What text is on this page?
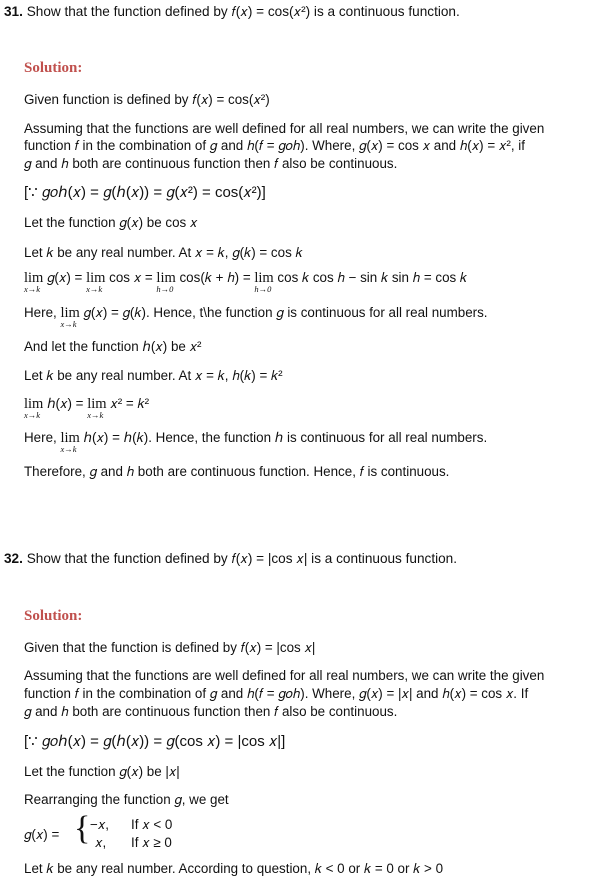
31. Show that the function defined by 𝑓(𝑥) = cos(𝑥²) is a continuous function.
Solution:
Given function is defined by 𝑓(𝑥) = cos(𝑥²)
Assuming that the functions are well defined for all real numbers, we can write the given
function 𝑓 in the combination of 𝑔 and ℎ(𝑓 = 𝑔𝑜ℎ). Where, 𝑔(𝑥) = cos 𝑥 and ℎ(𝑥) = 𝑥², if
𝑔 and ℎ both are continuous function then 𝑓 also be continuous.
[∵ 𝑔𝑜ℎ(𝑥) = 𝑔(ℎ(𝑥)) = 𝑔(𝑥²) = cos(𝑥²)]
Let the function 𝑔(𝑥) be cos 𝑥
Let 𝑘 be any real number. At 𝑥 = 𝑘, 𝑔(𝑘) = cos 𝑘
lim
x→k
𝑔(𝑥) = lim
x→k
cos 𝑥 = lim
h→0
cos(𝑘 + ℎ) = lim
h→0
cos 𝑘 cos ℎ − sin 𝑘 sin ℎ = cos 𝑘
Here, lim
x→k
𝑔(𝑥) = 𝑔(𝑘). Hence, t\he function 𝑔 is continuous for all real numbers.
And let the function ℎ(𝑥) be 𝑥²
Let 𝑘 be any real number. At 𝑥 = 𝑘, ℎ(𝑘) = 𝑘²
lim
x→k
ℎ(𝑥) = lim
x→k
𝑥² = 𝑘²
Here, lim
x→k
ℎ(𝑥) = ℎ(𝑘). Hence, the function ℎ is continuous for all real numbers.
Therefore, 𝑔 and ℎ both are continuous function. Hence, 𝑓 is continuous.
32. Show that the function defined by 𝑓(𝑥) = |cos 𝑥| is a continuous function.
Solution:
Given that the function is defined by 𝑓(𝑥) = |cos 𝑥|
Assuming that the functions are well defined for all real numbers, we can write the given
function 𝑓 in the combination of 𝑔 and ℎ(𝑓 = 𝑔𝑜ℎ). Where, 𝑔(𝑥) = |𝑥| and ℎ(𝑥) = cos 𝑥. If
𝑔 and ℎ both are continuous function then 𝑓 also be continuous.
[∵ 𝑔𝑜ℎ(𝑥) = 𝑔(ℎ(𝑥)) = 𝑔(cos 𝑥) = |cos 𝑥|]
Let the function 𝑔(𝑥) be |𝑥|
Rearranging the function 𝑔, we get
𝑔(𝑥) = { −𝑥, If 𝑥 < 0
𝑥, If 𝑥 ≥ 0
Let 𝑘 be any real number. According to question, 𝑘 < 0 or 𝑘 = 0 or 𝑘 > 0
